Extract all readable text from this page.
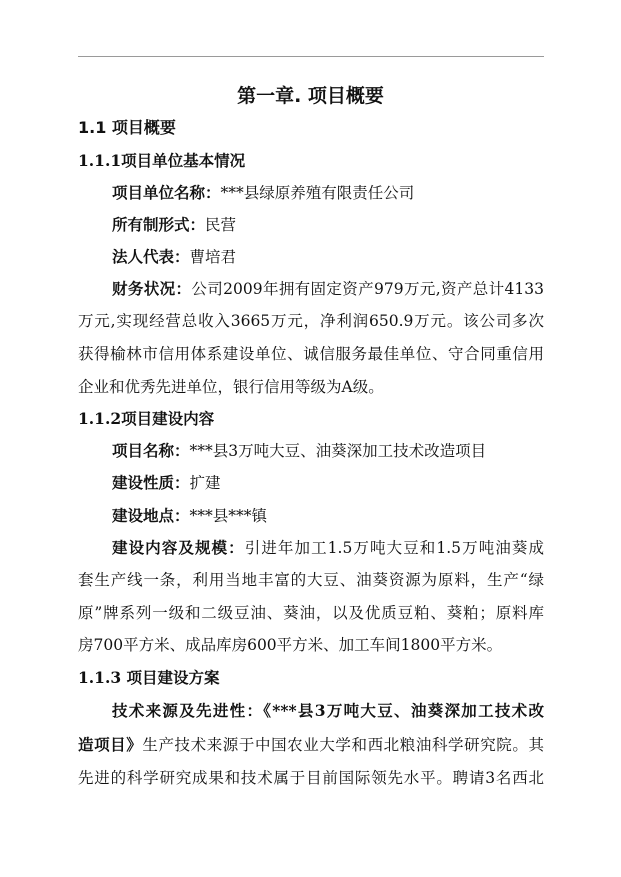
第一章. 项目概要
1.1 项目概要
1.1.1项目单位基本情况
项目单位名称：***县绿原养殖有限责任公司
所有制形式：民营
法人代表：曹培君
财务状况：公司2009年拥有固定资产979万元,资产总计4133
万元,实现经营总收入3665万元，净利润650.9万元。该公司多次
获得榆林市信用体系建设单位、诚信服务最佳单位、守合同重信用
企业和优秀先进单位，银行信用等级为A级。
1.1.2项目建设内容
项目名称：***县3万吨大豆、油葵深加工技术改造项目
建设性质：扩建
建设地点：***县***镇
建设内容及规模：引进年加工1.5万吨大豆和1.5万吨油葵成
套生产线一条，利用当地丰富的大豆、油葵资源为原料，生产“绿
原”牌系列一级和二级豆油、葵油，以及优质豆粕、葵粕；原料库
房700平方米、成品库房600平方米、加工车间1800平方米。
1.1.3 项目建设方案
技术来源及先进性：《***县3万吨大豆、油葵深加工技术改
造项目》生产技术来源于中国农业大学和西北粮油科学研究院。其
先进的科学研究成果和技术属于目前国际领先水平。聘请3名西北
